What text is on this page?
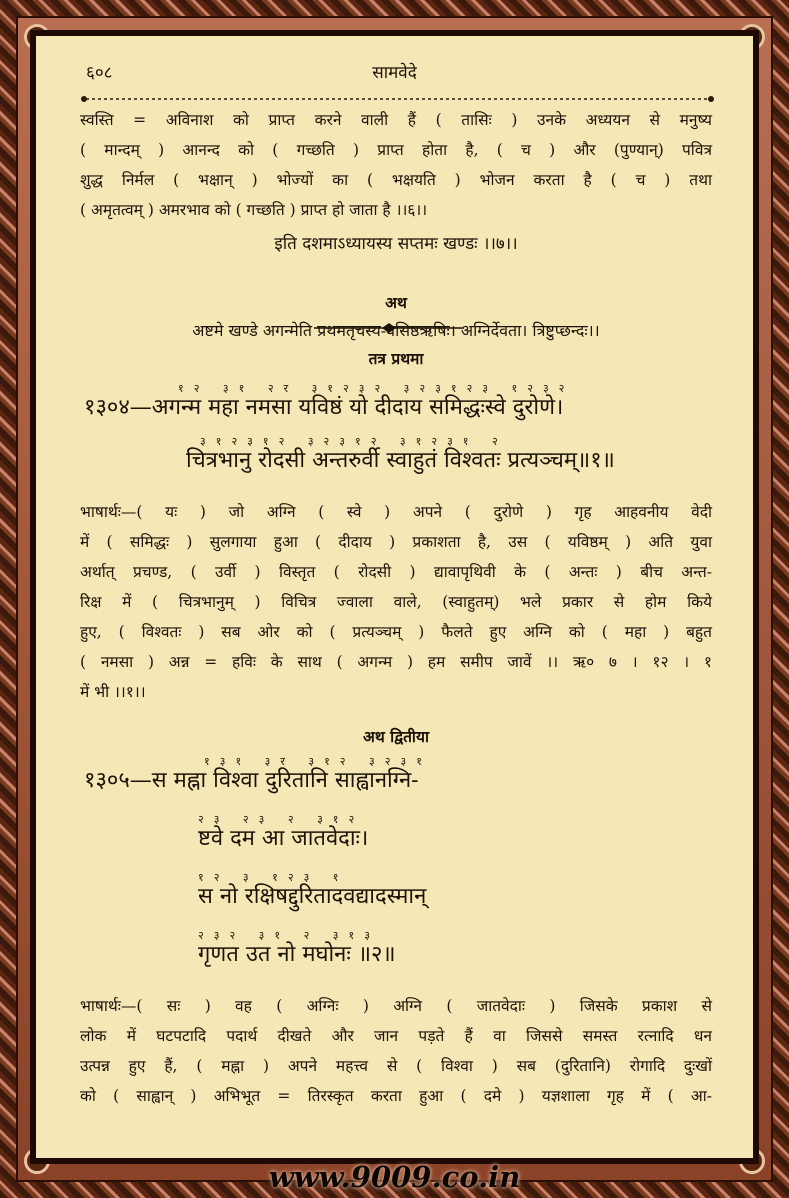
६०८	सामवेदे
स्वस्ति = अविनाश को प्राप्त करने वाली हैं ( तासिः ) उनके अध्ययन से मनुष्य
( मान्दम् ) आनन्द को ( गच्छति ) प्राप्त होता है, ( च ) और (पुण्यान्) पवित्र
शुद्ध निर्मल ( भक्षान् ) भोज्यों का ( भक्षयति ) भोजन करता है ( च ) तथा
( अमृतत्वम् ) अमरभाव को ( गच्छति ) प्राप्त हो जाता है ।।६।।
इति दशमाऽध्यायस्य सप्तमः खण्डः ।।७।।
अथ
अष्टमे खण्डे अगन्मेति प्रथमतृचस्य-वसिष्ठऋषिः। अग्निर्देवता। त्रिष्टुप्छन्दः।।
तत्र प्रथमा
१२ ३१ २र ३१२३२ ३२३१२३ १२३२
१३०४—अगन्म महा नमसा यविष्ठं यो दीदाय समिद्धःस्वे दुरोणे।
३१२३१२ ३२३१२ ३१२३१ २
चित्रभानु रोदसी अन्तरुर्वी स्वाहुतं विश्वतः प्रत्यञ्चम्॥१॥
भाषार्थः—( यः ) जो अग्नि ( स्वे ) अपने ( दुरोणे ) गृह आहवनीय वेदी
में ( समिद्धः ) सुलगाया हुआ ( दीदाय ) प्रकाशता है, उस ( यविष्ठम् ) अति युवा
अर्थात् प्रचण्ड, ( उर्वी ) विस्तृत ( रोदसी ) द्यावापृथिवी के ( अन्तः ) बीच अन्त-
रिक्ष में ( चित्रभानुम् ) विचित्र ज्वाला वाले, (स्वाहुतम्) भले प्रकार से होम किये
हुए, ( विश्वतः ) सब ओर को ( प्रत्यञ्चम् ) फैलते हुए अग्नि को ( महा ) बहुत
( नमसा ) अन्न = हविः के साथ ( अगन्म ) हम समीप जावें ।। ऋ० ७ । १२ । १
में भी ।।१।।
अथ द्वितीया
१३१ ३र ३१२ ३२३१
१३०५—स मह्ना विश्वा दुरितानि साह्वानग्नि-
२३ २३ २ ३१२
ष्टवे दम आ जातवेदाः।
१२ ३ १२३ १
स नो रक्षिषद्दुरितादवद्यादस्मान्
२३२ ३१ २ ३१३
गृणत उत नो मघोनः ॥२॥
भाषार्थः—( सः ) वह ( अग्निः ) अग्नि ( जातवेदाः ) जिसके प्रकाश से
लोक में घटपटादि पदार्थ दीखते और जान पड़ते हैं वा जिससे समस्त रत्नादि धन
उत्पन्न हुए हैं, ( मह्ना ) अपने महत्त्व से ( विश्वा ) सब (दुरितानि) रोगादि दुःखों
को ( साह्वान् ) अभिभूत = तिरस्कृत करता हुआ ( दमे ) यज्ञशाला गृह में ( आ-
www.9009.co.in
